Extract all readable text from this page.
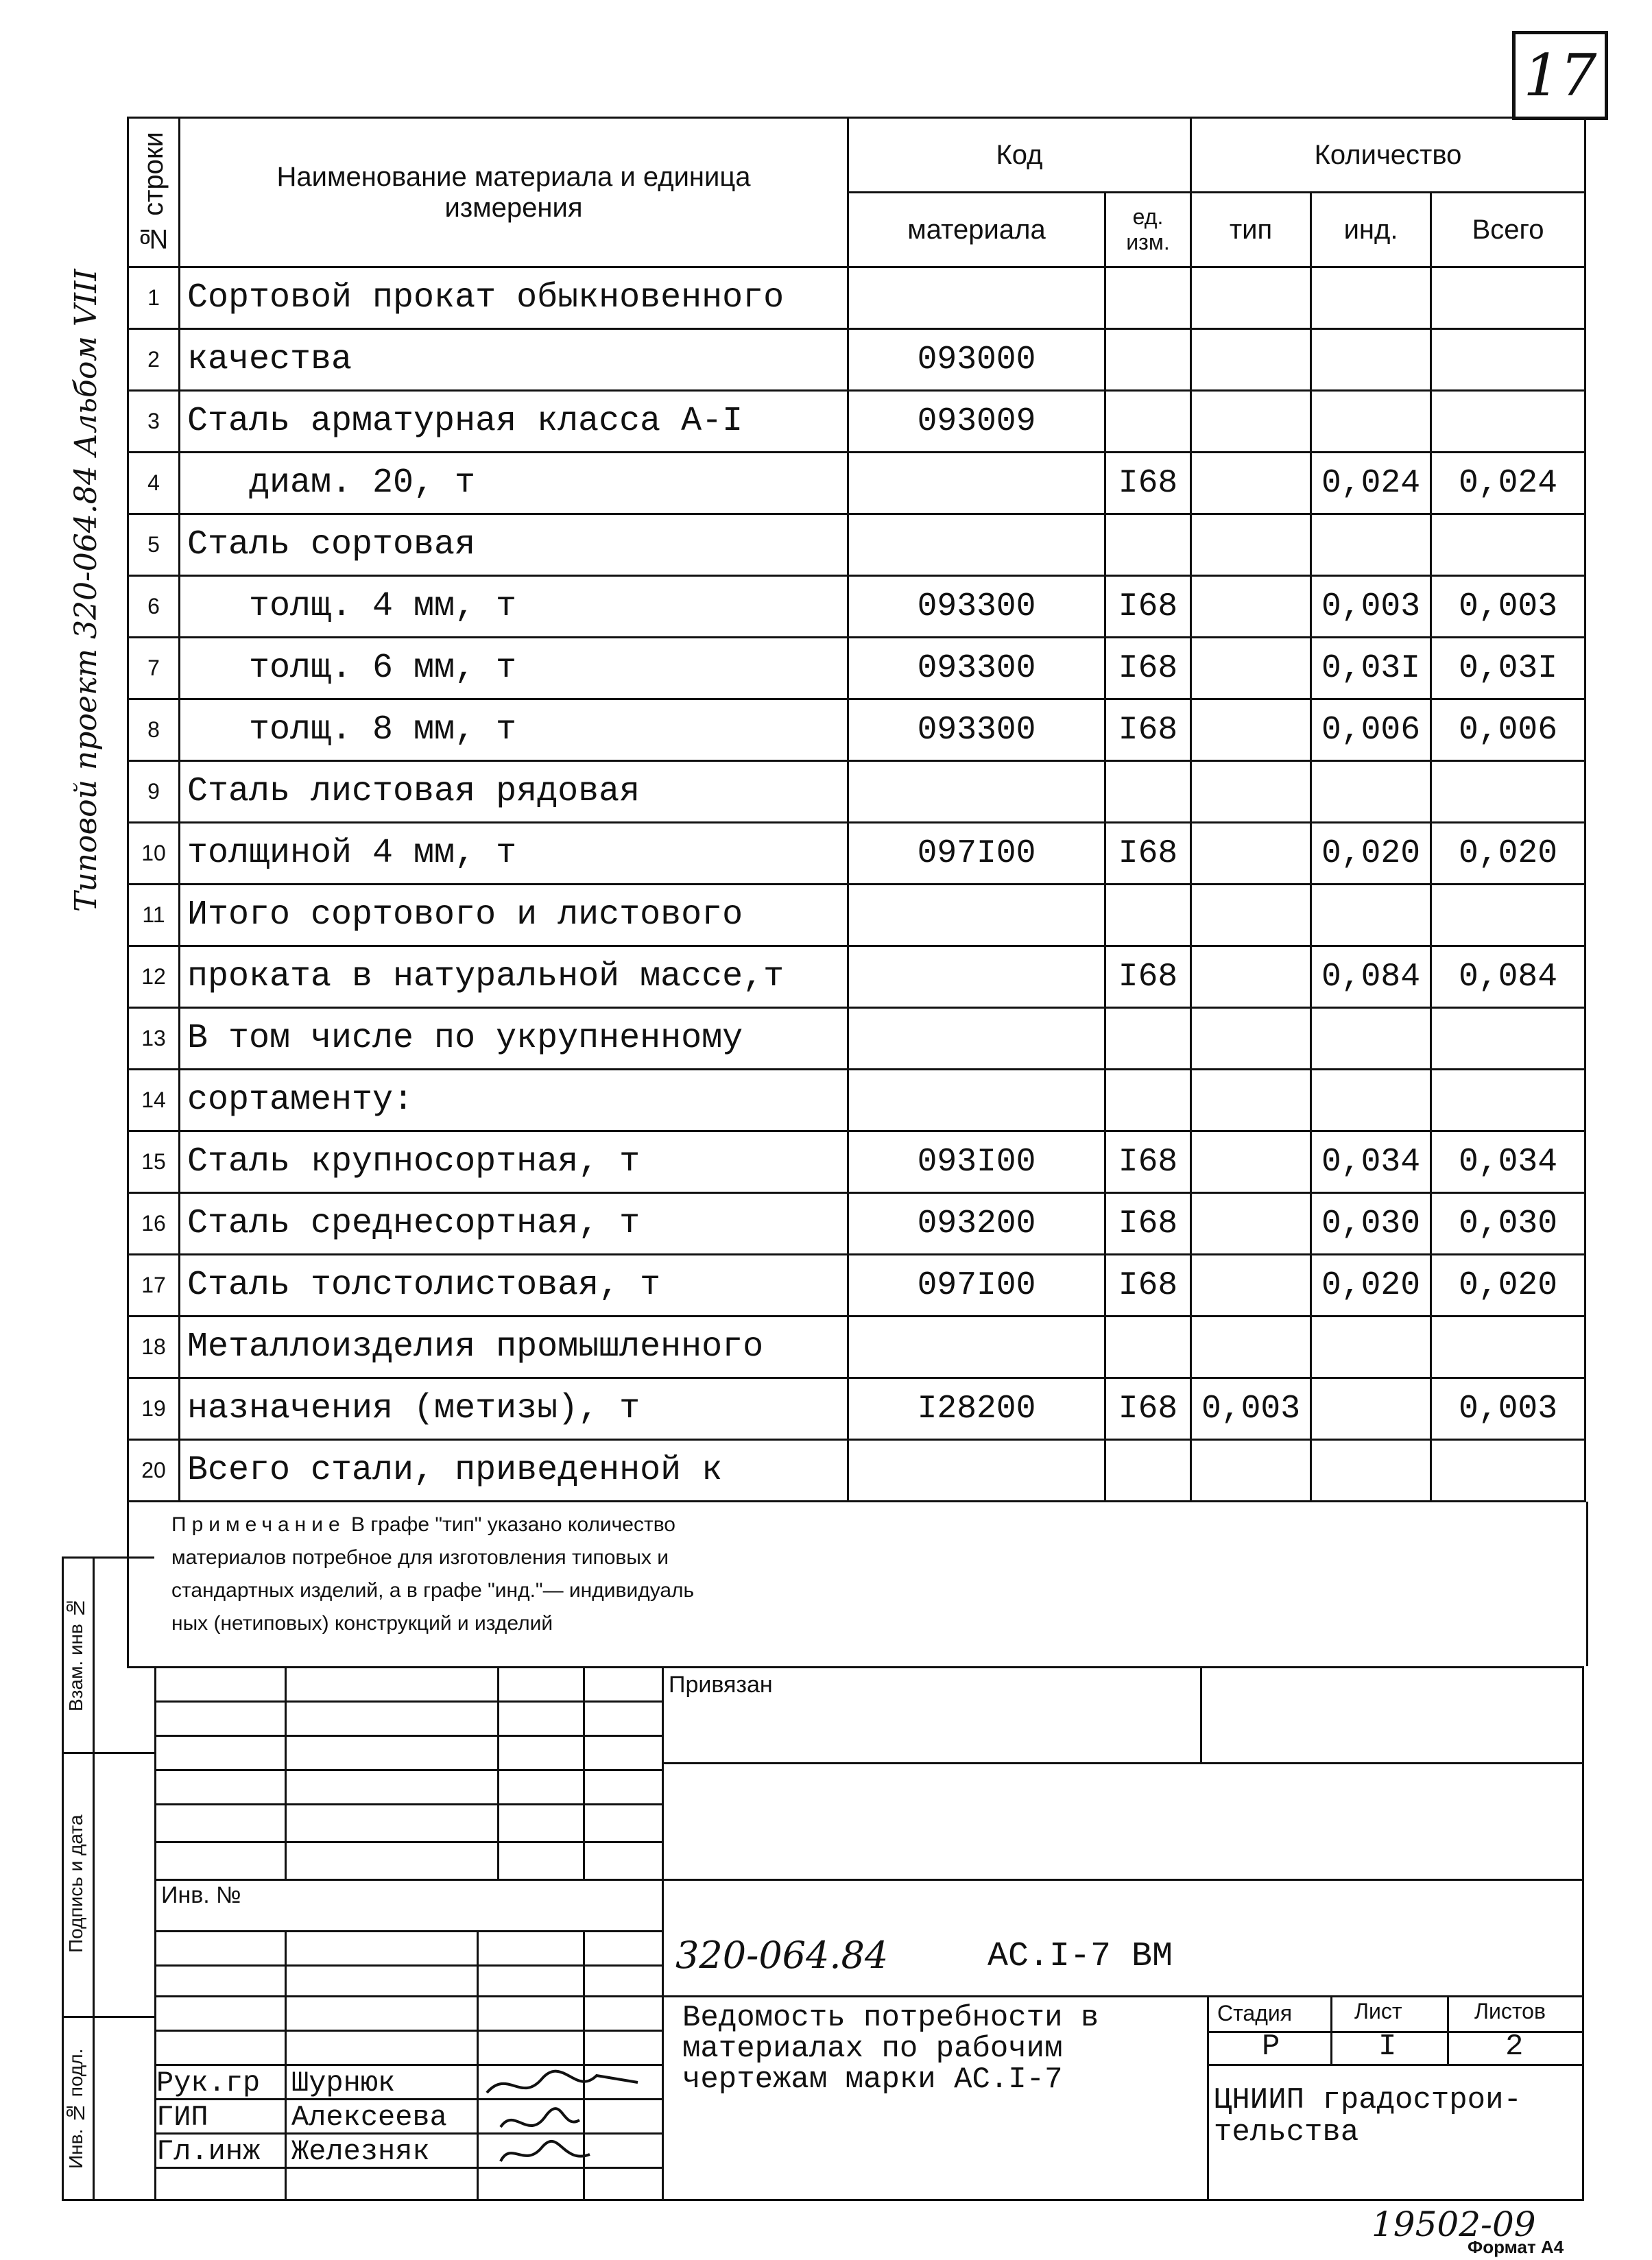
17
Типовой проект 320-064.84 Альбом VIII
№ строки	Наименование материала и единица измерения	Код		Количество		
		материала	ед. изм.	тип	инд.	Всего
1	Сортовой прокат обыкновенного					
2	качества	093000				
3	Сталь арматурная класса А-I	093009				
4	диам. 20, т		I68		0,024	0,024
5	Сталь сортовая					
6	толщ. 4 мм, т	093300	I68		0,003	0,003
7	толщ. 6 мм, т	093300	I68		0,03I	0,03I
8	толщ. 8 мм, т	093300	I68		0,006	0,006
9	Сталь листовая рядовая					
10	толщиной 4 мм, т	097I00	I68		0,020	0,020
11	Итого сортового и листового					
12	проката в натуральной массе,т		I68		0,084	0,084
13	В том числе по укрупненному					
14	сортаменту:					
15	Сталь крупносортная, т	093I00	I68		0,034	0,034
16	Сталь среднесортная, т	093200	I68		0,030	0,030
17	Сталь толстолистовая, т	097I00	I68		0,020	0,020
18	Металлоизделия промышленного					
19	назначения (метизы), т	I28200	I68	0,003		0,003
20	Всего стали, приведенной к					
Примечание В графе "тип" указано количество
материалов потребное для изготовления типовых и
стандартных изделий, а в графе "инд."— индивидуаль
ных (нетиповых) конструкций и изделий
Взам. инв №
Подпись и дата
Инв. № подл.
Привязан
Инв. №
320-064.84	АС.I-7 ВМ
Ведомость потребности в
материалах по рабочим
чертежам марки АС.I-7
Стадия	Лист	Листов
Р	I	2
ЦНИИП градострои-
тельства
Рук.гр Шурнюк
ГИП	Алексеева
Гл.инж Железняк
19502-09
Формат А4
